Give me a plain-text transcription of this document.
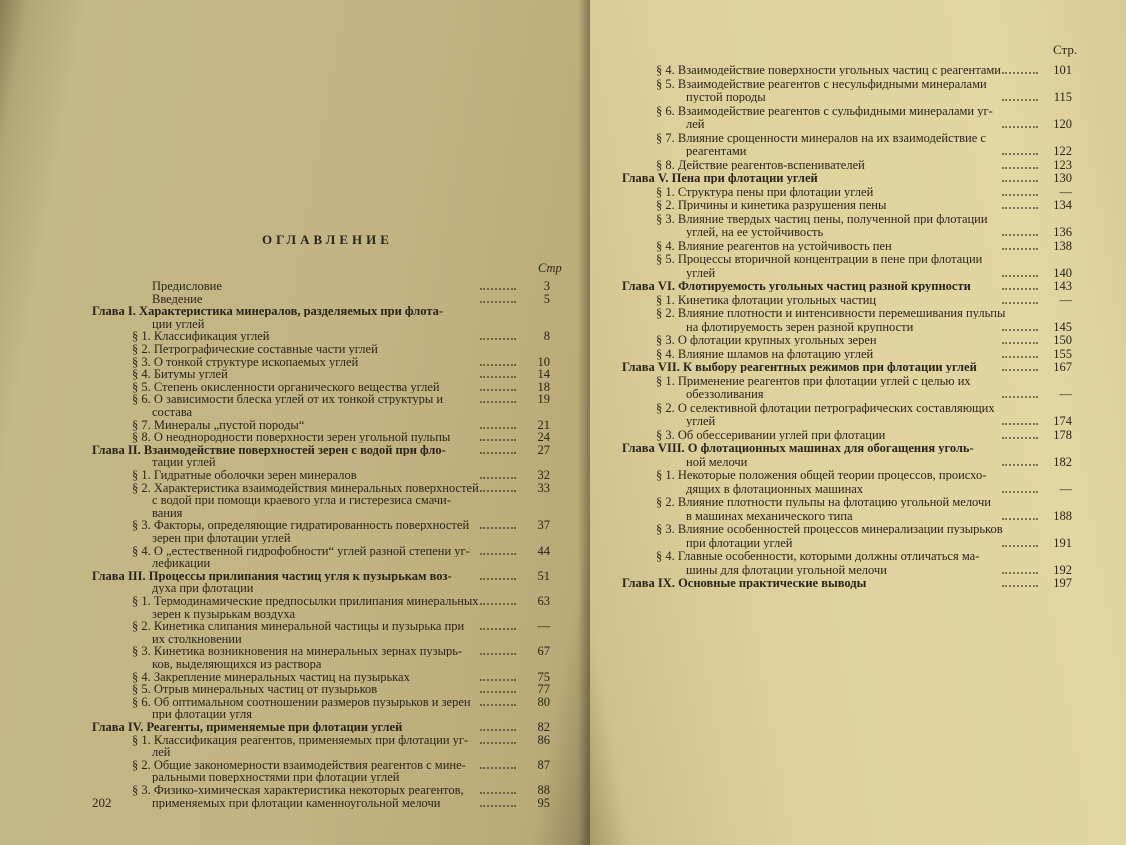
ОГЛАВЛЕНИЕ
Стр
Предисловие	3
Введение	5
Глава I. Характеристика минералов, разделяемых при флота-
ции углей
§ 1. Классификация углей	8
§ 2. Петрографические составные части углей
§ 3. О тонкой структуре ископаемых углей	10
§ 4. Битумы углей	14
§ 5. Степень окисленности органического вещества углей	18
§ 6. О зависимости блеска углей от их тонкой структуры и	19
состава
§ 7. Минералы „пустой породы“	21
§ 8. О неоднородности поверхности зерен угольной пульпы	24
Глава II. Взаимодействие поверхностей зерен с водой при фло-	27
тации углей
§ 1. Гидратные оболочки зерен минералов	32
§ 2. Характеристика взаимодействия минеральных поверхностей	33
с водой при помощи краевого угла и гистерезиса смачи-
вания
§ 3. Факторы, определяющие гидратированность поверхностей	37
зерен при флотации углей
§ 4. О „естественной гидрофобности“ углей разной степени уг-	44
лефикации
Глава III. Процессы прилипания частиц угля к пузырькам воз-	51
духа при флотации
§ 1. Термодинамические предпосылки прилипания минеральных	63
зерен к пузырькам воздуха
§ 2. Кинетика слипания минеральной частицы и пузырька при	—
их столкновении
§ 3. Кинетика возникновения на минеральных зернах пузырь-	67
ков, выделяющихся из раствора
§ 4. Закрепление минеральных частиц на пузырьках	75
§ 5. Отрыв минеральных частиц от пузырьков	77
§ 6. Об оптимальном соотношении размеров пузырьков и зерен	80
при флотации угля
Глава IV. Реагенты, применяемые при флотации углей	82
§ 1. Классификация реагентов, применяемых при флотации уг-	86
лей
§ 2. Общие закономерности взаимодействия реагентов с мине-	87
ральными поверхностями при флотации углей
§ 3. Физико-химическая характеристика некоторых реагентов,	88
применяемых при флотации каменноугольной мелочи	95
202
§ 4. Взаимодействие поверхности угольных частиц с реагентами	101
§ 5. Взаимодействие реагентов с несульфидными минералами
пустой породы	115
§ 6. Взаимодействие реагентов с сульфидными минералами уг-
лей	120
§ 7. Влияние срощенности минералов на их взаимодействие с
реагентами	122
§ 8. Действие реагентов-вспенивателей	123
Глава V. Пена при флотации углей	130
§ 1. Структура пены при флотации углей	—
§ 2. Причины и кинетика разрушения пены	134
§ 3. Влияние твердых частиц пены, полученной при флотации
углей, на ее устойчивость	136
§ 4. Влияние реагентов на устойчивость пен	138
§ 5. Процессы вторичной концентрации в пене при флотации
углей	140
Глава VI. Флотируемость угольных частиц разной крупности	143
§ 1. Кинетика флотации угольных частиц	—
§ 2. Влияние плотности и интенсивности перемешивания пульпы
на флотируемость зерен разной крупности	145
§ 3. О флотации крупных угольных зерен	150
§ 4. Влияние шламов на флотацию углей	155
Глава VII. К выбору реагентных режимов при флотации углей	167
§ 1. Применение реагентов при флотации углей с целью их
обеззоливания	—
§ 2. О селективной флотации петрографических составляющих
углей	174
§ 3. Об обессеривании углей при флотации	178
Глава VIII. О флотационных машинах для обогащения уголь-
ной мелочи	182
§ 1. Некоторые положения общей теории процессов, происхо-
дящих в флотационных машинах	—
§ 2. Влияние плотности пульпы на флотацию угольной мелочи
в машинах механического типа	188
§ 3. Влияние особенностей процессов минерализации пузырьков
при флотации углей	191
§ 4. Главные особенности, которыми должны отличаться ма-
шины для флотации угольной мелочи	192
Глава IX. Основные практические выводы	197
Стр.
